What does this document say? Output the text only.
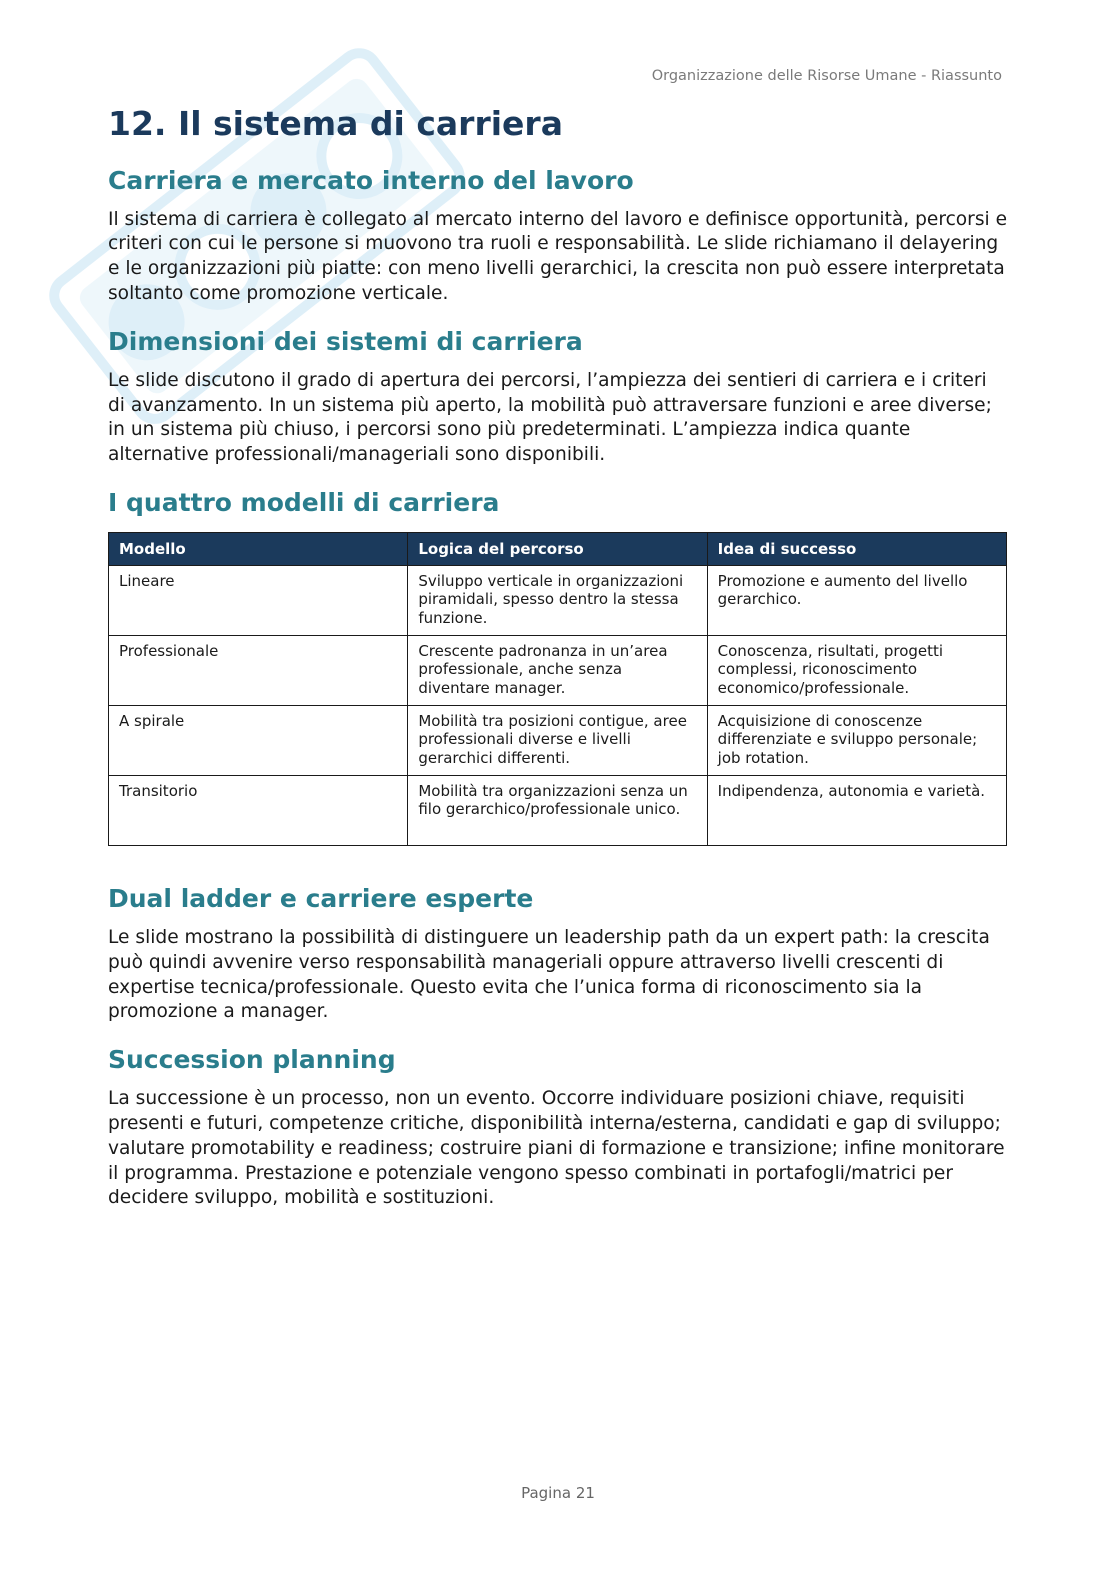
Organizzazione delle Risorse Umane - Riassunto
12. Il sistema di carriera
Carriera e mercato interno del lavoro

Il sistema di carriera è collegato al mercato interno del lavoro e definisce opportunità, percorsi e criteri con cui le persone si muovono tra ruoli e responsabilità. Le slide richiamano il delayering e le organizzazioni più piatte: con meno livelli gerarchici, la crescita non può essere interpretata soltanto come promozione verticale.

Dimensioni dei sistemi di carriera

Le slide discutono il grado di apertura dei percorsi, l’ampiezza dei sentieri di carriera e i criteri di avanzamento. In un sistema più aperto, la mobilità può attraversare funzioni e aree diverse; in un sistema più chiuso, i percorsi sono più predeterminati. L’ampiezza indica quante alternative professionali/manageriali sono disponibili.

I quattro modelli di carriera
Modello	Logica del percorso	Idea di successo
Lineare	Sviluppo verticale in organizzazioni piramidali, spesso dentro la stessa funzione.	Promozione e aumento del livello gerarchico.
Professionale	Crescente padronanza in un’area professionale, anche senza diventare manager.	Conoscenza, risultati, progetti complessi, riconoscimento economico/professionale.
A spirale	Mobilità tra posizioni contigue, aree professionali diverse e livelli gerarchici differenti.	Acquisizione di conoscenze differenziate e sviluppo personale; job rotation.
Transitorio	Mobilità tra organizzazioni senza un filo gerarchico/professionale unico.	Indipendenza, autonomia e varietà.
Dual ladder e carriere esperte

Le slide mostrano la possibilità di distinguere un leadership path da un expert path: la crescita può quindi avvenire verso responsabilità manageriali oppure attraverso livelli crescenti di expertise tecnica/professionale. Questo evita che l’unica forma di riconoscimento sia la promozione a manager.

Succession planning

La successione è un processo, non un evento. Occorre individuare posizioni chiave, requisiti presenti e futuri, competenze critiche, disponibilità interna/esterna, candidati e gap di sviluppo; valutare promotability e readiness; costruire piani di formazione e transizione; infine monitorare il programma. Prestazione e potenziale vengono spesso combinati in portafogli/matrici per decidere sviluppo, mobilità e sostituzioni.

Pagina 21
